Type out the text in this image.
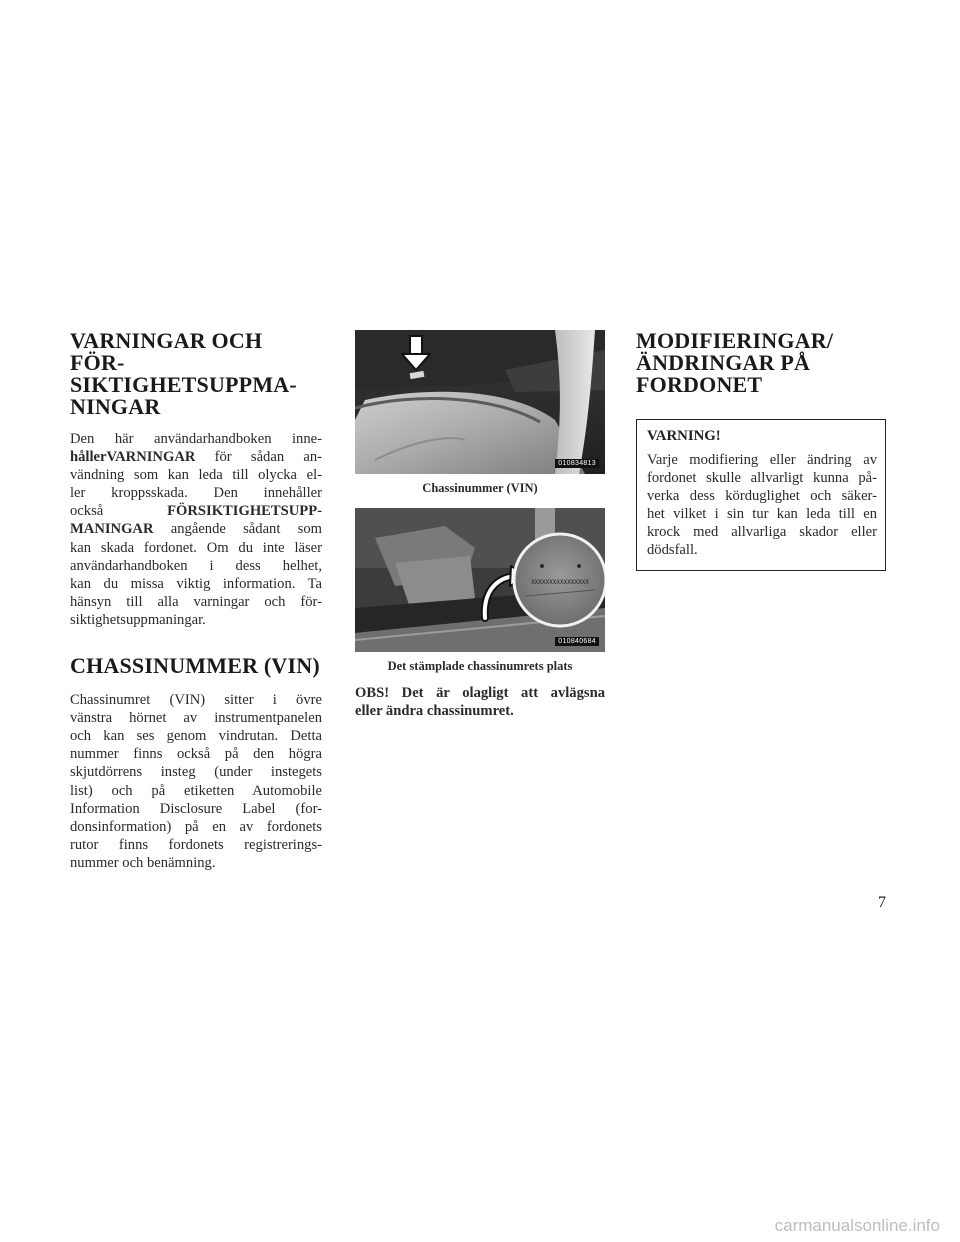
VARNINGAR OCH FÖR-
SIKTIGHETSUPPMA-
NINGAR

Den här användarhandboken inne-
hållerVARNINGAR för sådan an-
vändning som kan leda till olycka el-
ler kroppsskada. Den innehåller
också	FÖRSIKTIGHETSUPP-
MANINGAR angående sådant som
kan skada fordonet. Om du inte läser
användarhandboken i dess helhet,
kan du missa viktig information. Ta
hänsyn till alla varningar och för-
siktighetsuppmaningar.

CHASSINUMMER (VIN)

Chassinumret (VIN) sitter i övre
vänstra hörnet av instrumentpanelen
och kan ses genom vindrutan. Detta
nummer finns också på den högra
skjutdörrens insteg (under instegets
list) och på etiketten Automobile
Information Disclosure Label (for-
donsinformation) på en av fordonets
rutor finns fordonets registrerings-
nummer och benämning.

010834813
Chassinummer (VIN)
XXXXXXXXXXXXXXXX
010840684
Det stämplade chassinumrets plats

OBS! Det är olagligt att avlägsna
eller ändra chassinumret.

MODIFIERINGAR/
ÄNDRINGAR PÅ
FORDONET
VARNING!

Varje modifiering eller ändring av
fordonet skulle allvarligt kunna på-
verka dess körduglighet och säker-
het vilket i sin tur kan leda till en
krock med allvarliga skador eller
dödsfall.

7
carmanualsonline.info
